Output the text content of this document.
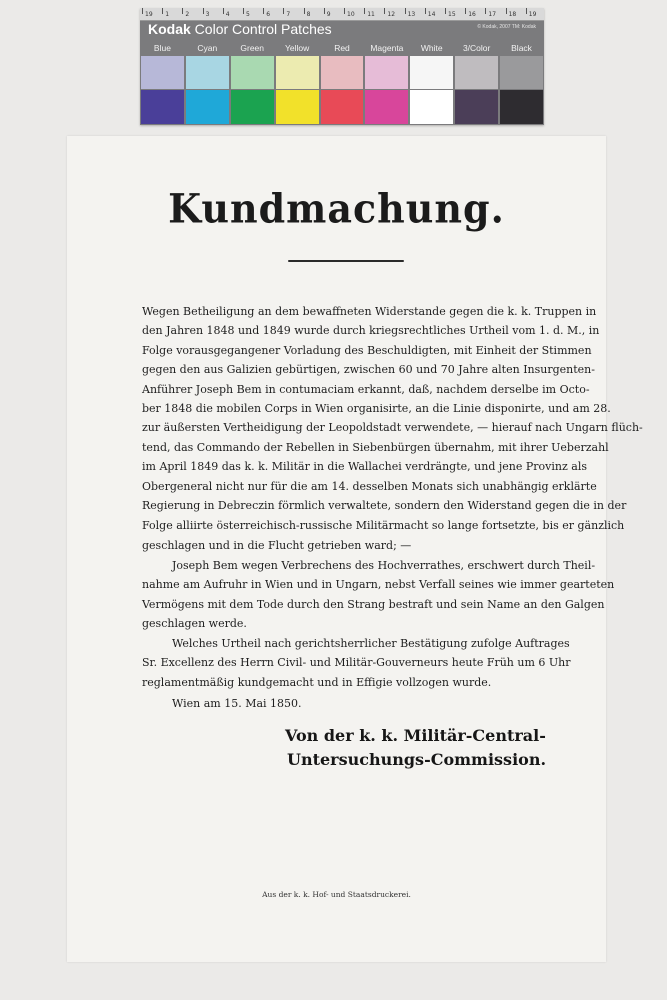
19 1	2	3	4	5	6	7	8	9	10 11 12 13 14 15 16 17 18 19
Kodak Color Control Patches	© Kodak, 2007 TM: Kodak
Blue	Cyan	Green	Yellow	Red	Magenta	White	3/Color	Black
Kundmachung.
Wegen Betheiligung an dem bewaffneten Widerstande gegen die k. k. Truppen in
den Jahren 1848 und 1849 wurde durch kriegsrechtliches Urtheil vom 1. d. M., in
Folge vorausgegangener Vorladung des Beschuldigten, mit Einheit der Stimmen
gegen den aus Galizien gebürtigen, zwischen 60 und 70 Jahre alten Insurgenten-
Anführer Joseph Bem in contumaciam erkannt, daß, nachdem derselbe im Octo-
ber 1848 die mobilen Corps in Wien organisirte, an die Linie disponirte, und am 28.
zur äußersten Vertheidigung der Leopoldstadt verwendete, — hierauf nach Ungarn flüch-
tend, das Commando der Rebellen in Siebenbürgen übernahm, mit ihrer Ueberzahl
im April 1849 das k. k. Militär in die Wallachei verdrängte, und jene Provinz als
Obergeneral nicht nur für die am 14. desselben Monats sich unabhängig erklärte
Regierung in Debreczin förmlich verwaltete, sondern den Widerstand gegen die in der
Folge alliirte österreichisch-russische Militärmacht so lange fortsetzte, bis er gänzlich
geschlagen und in die Flucht getrieben ward; —
Joseph Bem wegen Verbrechens des Hochverrathes, erschwert durch Theil-
nahme am Aufruhr in Wien und in Ungarn, nebst Verfall seines wie immer gearteten
Vermögens mit dem Tode durch den Strang bestraft und sein Name an den Galgen
geschlagen werde.
Welches Urtheil nach gerichtsherrlicher Bestätigung zufolge Auftrages
Sr. Excellenz des Herrn Civil- und Militär-Gouverneurs heute Früh um 6 Uhr
reglamentmäßig kundgemacht und in Effigie vollzogen wurde.
Wien am 15. Mai 1850.
Von der k. k. Militär-Central-
Untersuchungs-Commission.
Aus der k. k. Hof- und Staatsdruckerei.
